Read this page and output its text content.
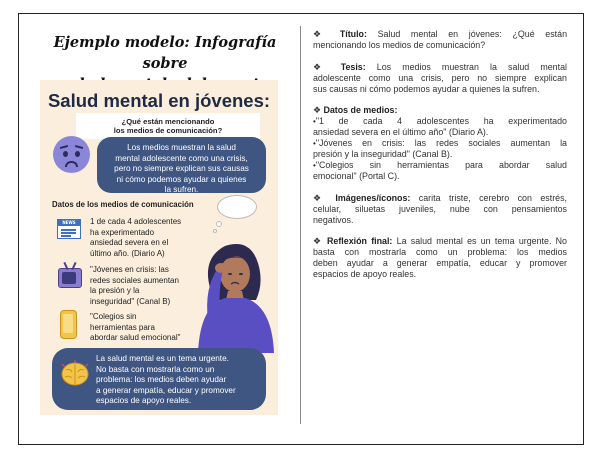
Ejemplo modelo: Infografía sobre
Salud mental en jóvenes:
¿Qué están mencionando
los medios de comunicación?
Los medios muestran la salud
mental adolescente como una crisis,
pero no siempre explican sus causas
ni cómo podemos ayudar a quienes
la sufren.
Datos de los medios de comunicación
NEWS	1 de cada 4 adolescentes
ha experimentado
ansiedad severa en el
último año. (Diario A)
"Jóvenes en crisis: las
redes sociales aumentan
la presión y la
inseguridad" (Canal B)
"Colegios sin
herramientas para
abordar salud emocional"
La salud mental es un tema urgente.
No basta con mostrarla como un
problema: los medios deben ayudar
a generar empatía, educar y promover
espacios de apoyo reales.
❖ Título: Salud mental en jóvenes: ¿Qué están
mencionando los medios de comunicación?
❖ Tesis: Los medios muestran la salud mental
adolescente como una crisis, pero no siempre explican
sus causas ni cómo podemos ayudar a quienes la sufren.
❖ Datos de medios:
•"1 de cada 4 adolescentes ha experimentado
ansiedad severa en el último año" (Diario A).
•"Jóvenes en crisis: las redes sociales aumentan la
presión y la inseguridad" (Canal B).
•"Colegios sin herramientas para abordar salud
emocional" (Portal C).
❖ Imágenes/íconos: carita triste, cerebro con estrés,
celular, siluetas juveniles, nube con pensamientos
negativos.
❖ Reflexión final: La salud mental es un tema urgente. No
basta con mostrarla como un problema: los medios
deben ayudar a generar empatía, educar y promover
espacios de apoyo reales.
